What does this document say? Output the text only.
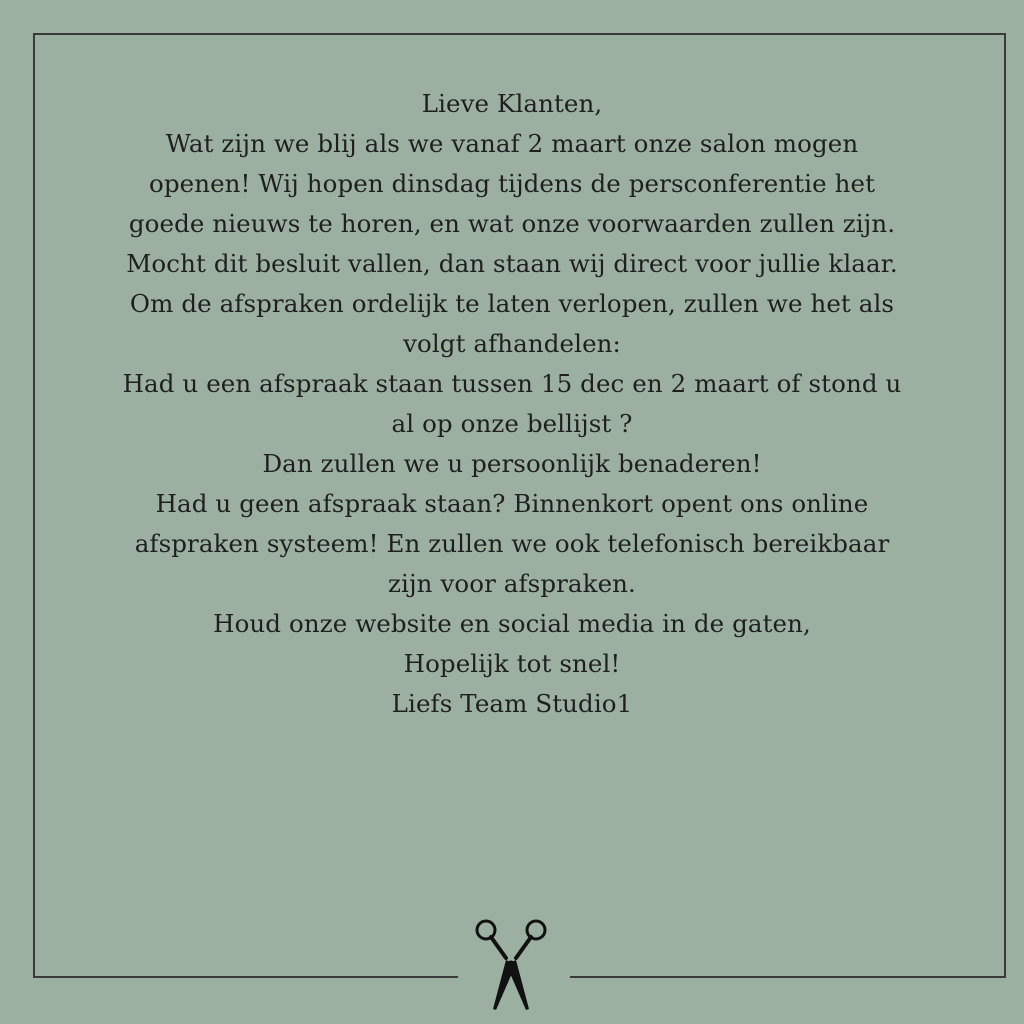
Lieve Klanten,
Wat zijn we blij als we vanaf 2 maart onze salon mogen
openen! Wij hopen dinsdag tijdens de persconferentie het
goede nieuws te horen, en wat onze voorwaarden zullen zijn.
Mocht dit besluit vallen, dan staan wij direct voor jullie klaar.
Om de afspraken ordelijk te laten verlopen, zullen we het als
volgt afhandelen:
Had u een afspraak staan tussen 15 dec en 2 maart of stond u
al op onze bellijst ?
Dan zullen we u persoonlijk benaderen!
Had u geen afspraak staan? Binnenkort opent ons online
afspraken systeem! En zullen we ook telefonisch bereikbaar
zijn voor afspraken.
Houd onze website en social media in de gaten,
Hopelijk tot snel!
Liefs Team Studio1
